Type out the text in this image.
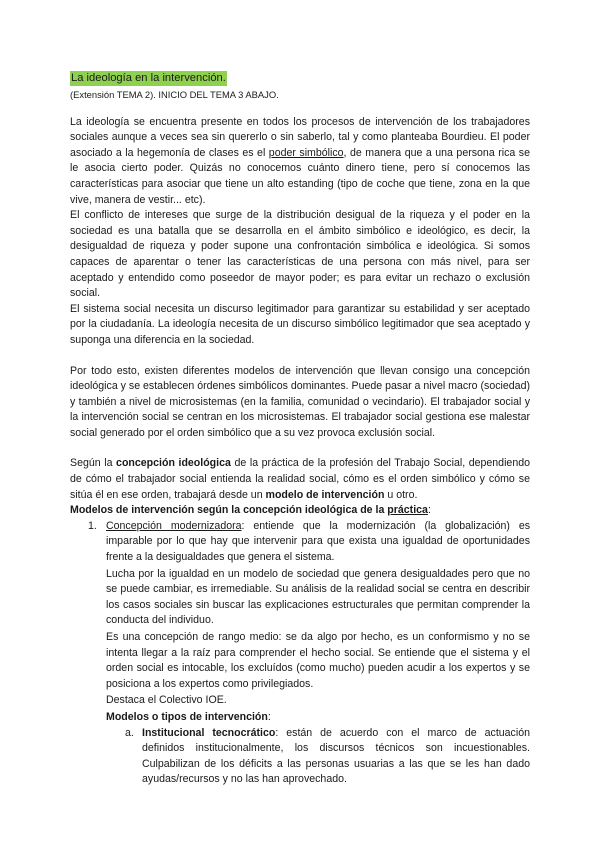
La ideología en la intervención.
(Extensión TEMA 2). INICIO DEL TEMA 3 ABAJO.

La ideología se encuentra presente en todos los procesos de intervención de los trabajadores sociales aunque a veces sea sin quererlo o sin saberlo, tal y como planteaba Bourdieu. El poder asociado a la hegemonía de clases es el poder simbólico, de manera que a una persona rica se le asocia cierto poder. Quizás no conocemos cuánto dinero tiene, pero sí conocemos las características para asociar que tiene un alto estanding (tipo de coche que tiene, zona en la que vive, manera de vestir... etc).

El conflicto de intereses que surge de la distribución desigual de la riqueza y el poder en la sociedad es una batalla que se desarrolla en el ámbito simbólico e ideológico, es decir, la desigualdad de riqueza y poder supone una confrontación simbólica e ideológica. Si somos capaces de aparentar o tener las características de una persona con más nivel, para ser aceptado y entendido como poseedor de mayor poder; es para evitar un rechazo o exclusión social.

El sistema social necesita un discurso legitimador para garantizar su estabilidad y ser aceptado por la ciudadanía. La ideología necesita de un discurso simbólico legitimador que sea aceptado y suponga una diferencia en la sociedad.

Por todo esto, existen diferentes modelos de intervención que llevan consigo una concepción ideológica y se establecen órdenes simbólicos dominantes. Puede pasar a nivel macro (sociedad) y también a nivel de microsistemas (en la familia, comunidad o vecindario). El trabajador social y la intervención social se centran en los microsistemas. El trabajador social gestiona ese malestar social generado por el orden simbólico que a su vez provoca exclusión social.

Según la concepción ideológica de la práctica de la profesión del Trabajo Social, dependiendo de cómo el trabajador social entienda la realidad social, cómo es el orden simbólico y cómo se sitúa él en ese orden, trabajará desde un modelo de intervención u otro.

Modelos de intervención según la concepción ideológica de la práctica:

1. Concepción modernizadora: entiende que la modernización (la globalización) es imparable por lo que hay que intervenir para que exista una igualdad de oportunidades frente a la desigualdades que genera el sistema.

Lucha por la igualdad en un modelo de sociedad que genera desigualdades pero que no se puede cambiar, es irremediable. Su análisis de la realidad social se centra en describir los casos sociales sin buscar las explicaciones estructurales que permitan comprender la conducta del individuo.

Es una concepción de rango medio: se da algo por hecho, es un conformismo y no se intenta llegar a la raíz para comprender el hecho social. Se entiende que el sistema y el orden social es intocable, los excluídos (como mucho) pueden acudir a los expertos y se posiciona a los expertos como privilegiados.

Destaca el Colectivo IOE.

Modelos o tipos de intervención:

a. Institucional tecnocrático: están de acuerdo con el marco de actuación definidos institucionalmente, los discursos técnicos son incuestionables. Culpabilizan de los déficits a las personas usuarias a las que se les han dado ayudas/recursos y no las han aprovechado.
